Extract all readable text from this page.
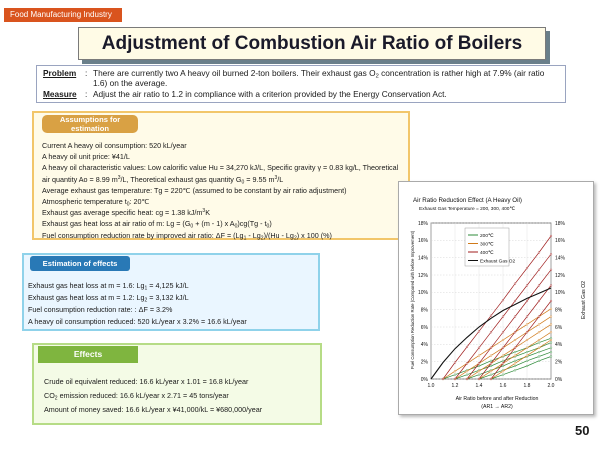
Food Manufacturing Industry
Adjustment of Combustion Air Ratio of Boilers
Problem	: There are currently two A heavy oil burned 2-ton boilers. Their exhaust gas $O_2$ concentration is rather high at 7.9% (air ratio 1.6) on the average.
Measure	: Adjust the air ratio to 1.2 in compliance with a criterion provided by the Energy Conservation Act.
Current A heavy oil consumption: 520 kL/year
A heavy oil unit price: ¥41/L
A heavy oil characteristic values: Low calorific value Hu = 34,270 kJ/L, Specific gravity γ = 0.83 kg/L, Theoretical air quantity Ao = 8.99 $m^3/L$, Theoretical exhaust gas quantity $G_0 = 9.55$ $m^3/L$
Average exhaust gas temperature: Tg = 220℃ (assumed to be constant by air ratio adjustment)
Atmospheric temperature $t_0$: 20℃
Exhaust gas average specific heat: cg = 1.38 $kJ/m^3K$
Exhaust gas heat loss at air ratio of m: $Lg = (G_0 + (m - 1)$ x $A_0)cg(Tg - t_0)$
Fuel consumption reduction rate by improved air ratio: $\Delta F = (Lg_1 - Lg_2)/(Hu - Lg_2)$ x 100 (%)
Assumptions for estimation
Exhaust gas heat loss at m = 1.6: $Lg_1 = 4,125$ kJ/L
Exhaust gas heat loss at m = 1.2: $Lg_2 = 3,132$ kJ/L
Fuel consumption reduction rate: : ΔF = 3.2%
A heavy oil consumption reduced: 520 kL/year x 3.2% = 16.6 kL/year
Estimation of effects
Crude oil equivalent reduced: 16.6 kL/year x 1.01 = 16.8 kL/year
$CO_2$ emission reduced: 16.6 kL/year x 2.71 = 45 tons/year
Amount of money saved: 16.6 kL/year x ¥41,000/kL = ¥680,000/year
Effects
Air Ratio Reduction Effect (A Heavy Oil)
Exhaust Gas Temperature = 200, 300, 400℃
Air Ratio before and after Reduction
(AR1 → AR2)
Fuel Consumption Reduction Rate (Compared with before Improvement)	Exhaust Gas O2
0%	0%
2%	2%
4%	4%
6%	6%
8%	8%
10%	10%
12%	12%
14%	14%
16%	16%
18%	18%
1.0	1.2	1.4	1.6	1.8	2.0
200℃
300℃
400℃
Exhaust Gas O2
50
